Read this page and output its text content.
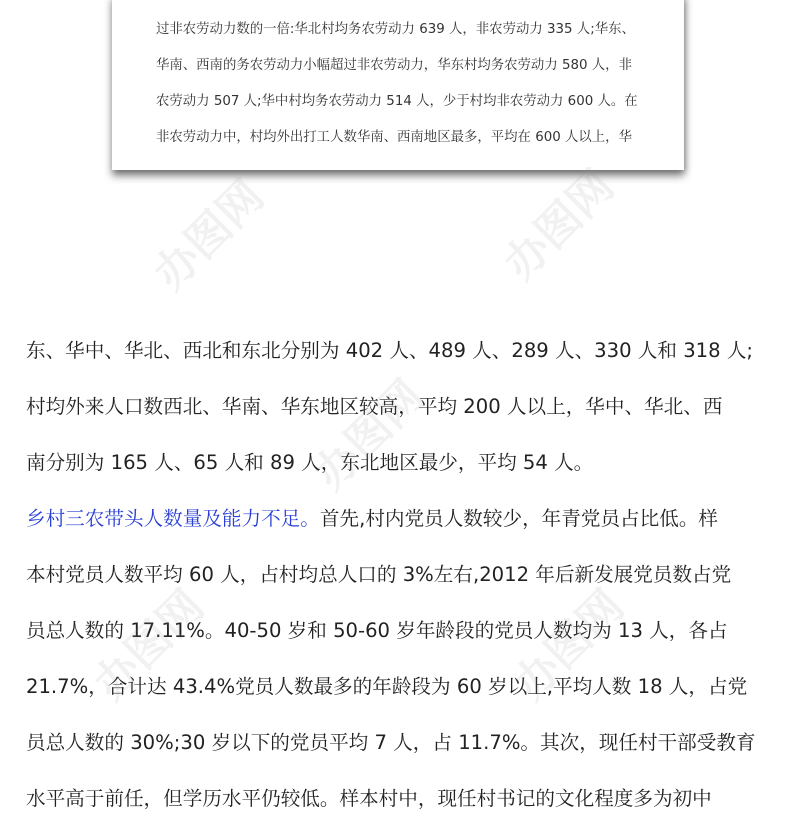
过非农劳动力数的一倍:华北村均务农劳动力 639 人，非农劳动力 335 人;华东、
华南、西南的务农劳动力小幅超过非农劳动力，华东村均务农劳动力 580 人，非
农劳动力 507 人;华中村均务农劳动力 514 人，少于村均非农劳动力 600 人。在
非农劳动力中，村均外出打工人数华南、西南地区最多，平均在 600 人以上，华
东、华中、华北、西北和东北分别为 402 人、489 人、289 人、330 人和 318 人;
村均外来人口数西北、华南、华东地区较高，平均 200 人以上，华中、华北、西
南分别为 165 人、65 人和 89 人，东北地区最少，平均 54 人。
乡村三农带头人数量及能力不足。首先,村内党员人数较少，年青党员占比低。样
本村党员人数平均 60 人，占村均总人口的 3%左右,2012 年后新发展党员数占党
员总人数的 17.11%。40-50 岁和 50-60 岁年龄段的党员人数均为 13 人，各占
21.7%，合计达 43.4%党员人数最多的年龄段为 60 岁以上,平均人数 18 人，占党
员总人数的 30%;30 岁以下的党员平均 7 人，占 11.7%。其次，现任村干部受教育
水平高于前任，但学历水平仍较低。样本村中，现任村书记的文化程度多为初中
办图网	办图网
办图网
办图网	办图网
